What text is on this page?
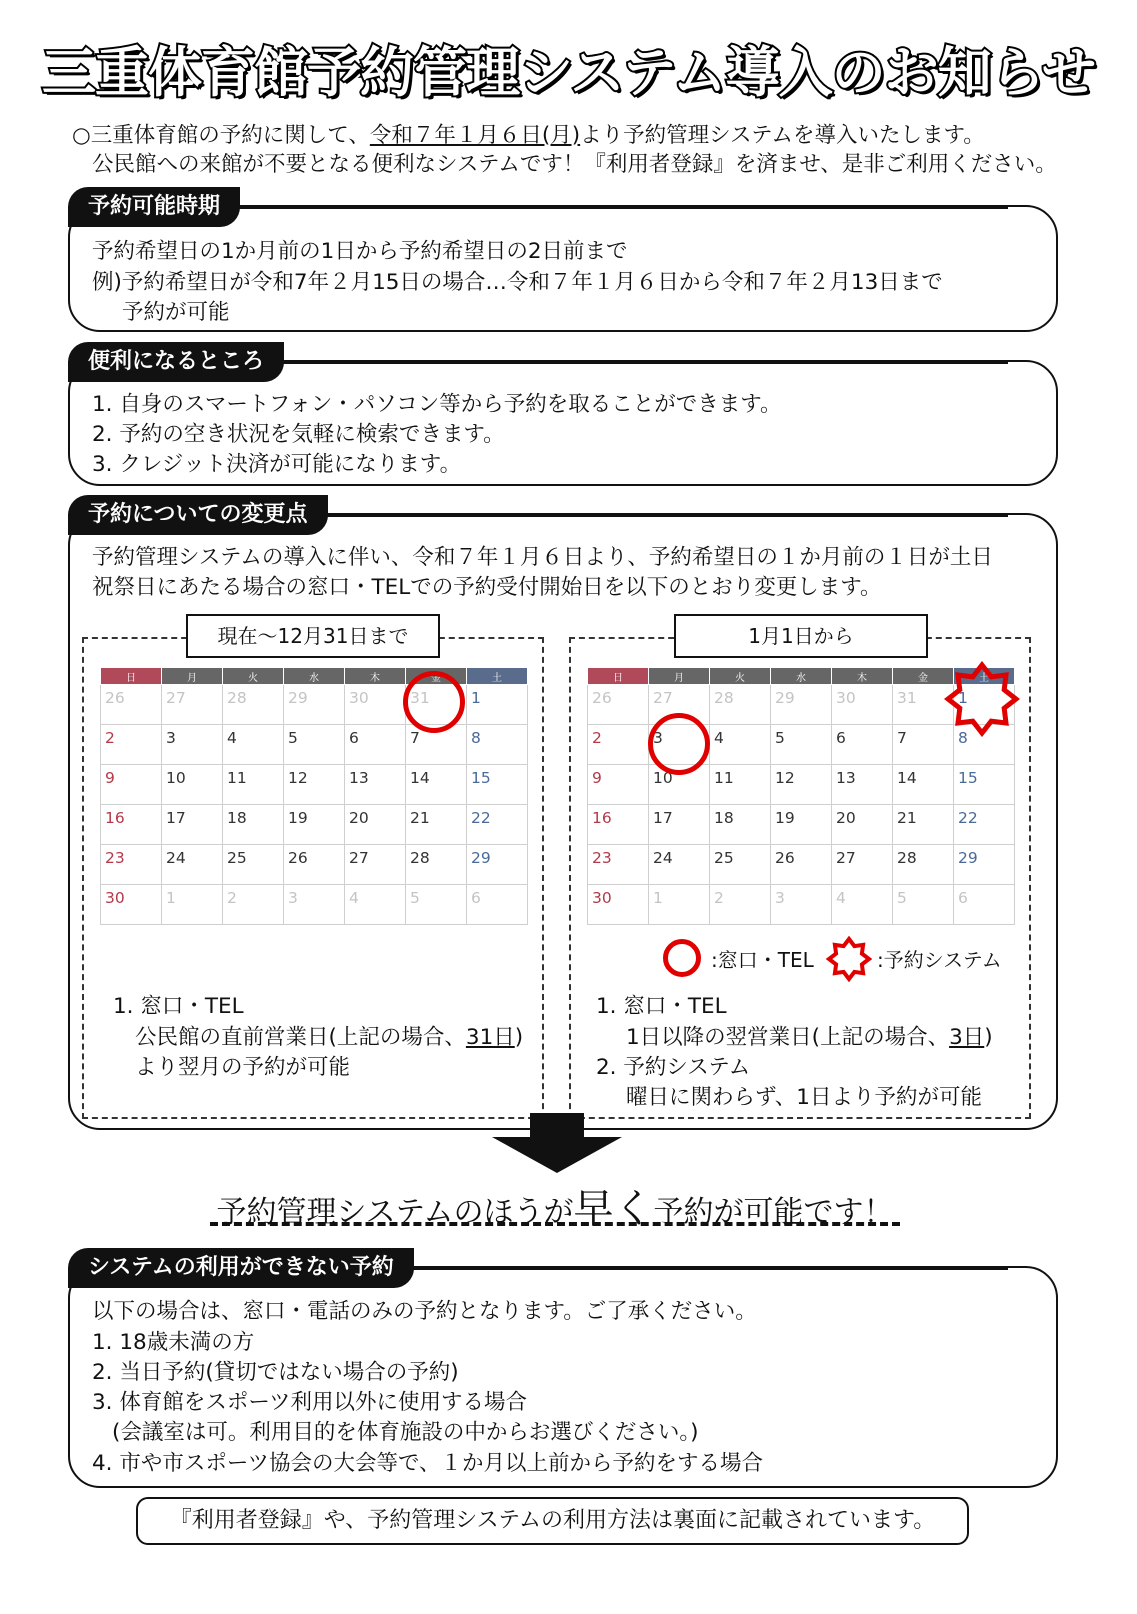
三重体育館予約管理システム導入のお知らせ
○三重体育館の予約に関して、令和７年１月６日(月)より予約管理システムを導入いたします。
公民館への来館が不要となる便利なシステムです！『利用者登録』を済ませ、是非ご利用ください。
予約可能時期
予約希望日の1か月前の1日から予約希望日の2日前まで
例)予約希望日が令和7年２月15日の場合…令和７年１月６日から令和７年２月13日まで
予約が可能
便利になるところ
1. 自身のスマートフォン・パソコン等から予約を取ることができます。
2. 予約の空き状況を気軽に検索できます。
3. クレジット決済が可能になります。
予約についての変更点
予約管理システムの導入に伴い、令和７年１月６日より、予約希望日の１か月前の１日が土日
祝祭日にあたる場合の窓口・TELでの予約受付開始日を以下のとおり変更します。
現在～12月31日まで
日	月	火	水	木	金	土
26	27	28	29	30	31	1
2	3	4	5	6	7	8
9	10	11	12	13	14	15
16	17	18	19	20	21	22
23	24	25	26	27	28	29
30	1	2	3	4	5	6
1. 窓口・TEL
公民館の直前営業日(上記の場合、31日)
より翌月の予約が可能
1月1日から
日	月	火	水	木	金	土
26	27	28	29	30	31	1
2	3	4	5	6	7	8
9	10	11	12	13	14	15
16	17	18	19	20	21	22
23	24	25	26	27	28	29
30	1	2	3	4	5	6
:窓口・TEL	:予約システム
1. 窓口・TEL
1日以降の翌営業日(上記の場合、3日)
2. 予約システム
曜日に関わらず、1日より予約が可能
予約管理システムのほうが早く予約が可能です！
システムの利用ができない予約
以下の場合は、窓口・電話のみの予約となります。ご了承ください。
1. 18歳未満の方
2. 当日予約(貸切ではない場合の予約)
3. 体育館をスポーツ利用以外に使用する場合
(会議室は可。利用目的を体育施設の中からお選びください。)
4. 市や市スポーツ協会の大会等で、１か月以上前から予約をする場合
『利用者登録』や、予約管理システムの利用方法は裏面に記載されています。
